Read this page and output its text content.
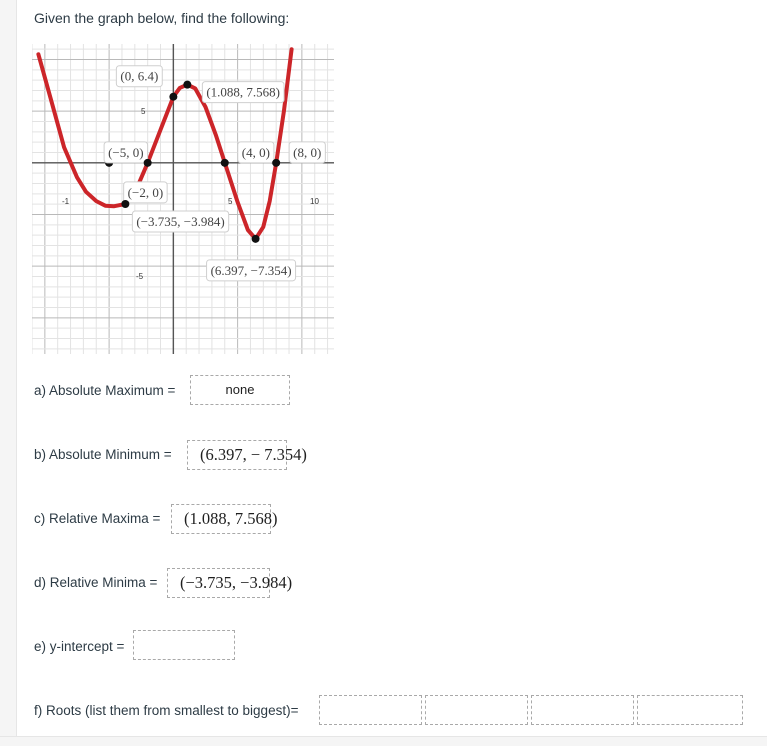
Given the graph below, find the following:
-1	5	10
5
-5
(0, 6.4)
(1.088, 7.568)
(−5, 0)	(4, 0) (8, 0)
(−2, 0)
(−3.735, −3.984)
(6.397, −7.354)
a) Absolute Maximum =	none
b) Absolute Minimum =	(6.397, − 7.354)
c) Relative Maxima =	(1.088, 7.568)
d) Relative Minima =	(−3.735, −3.984)
e) y-intercept =
f) Roots (list them from smallest to biggest)=
